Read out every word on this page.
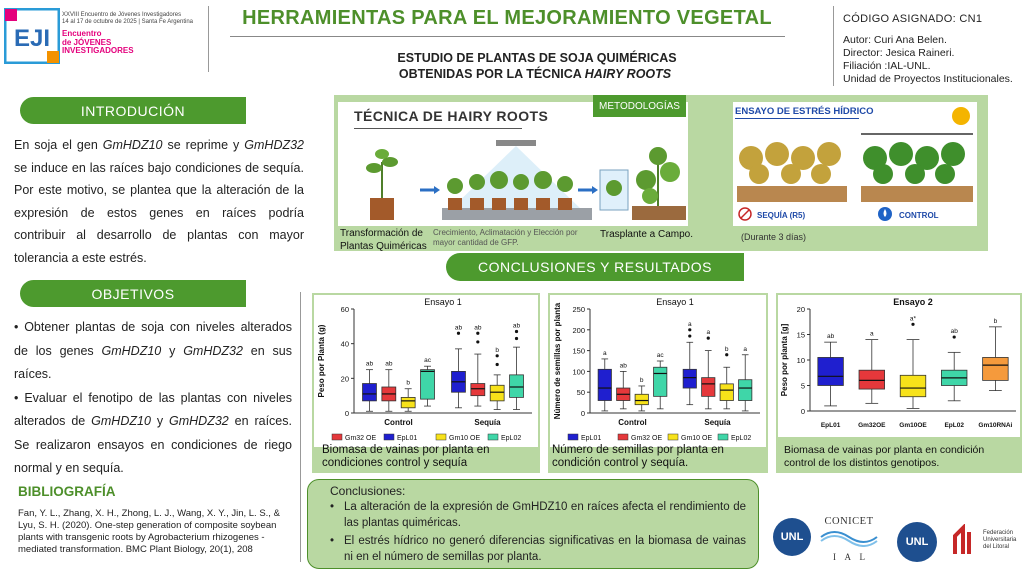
EJI
XXVIII Encuentro de Jóvenes Investigadores
14 al 17 de octubre de 2025 | Santa Fe Argentina
Encuentro
de JÓVENES
INVESTIGADORES
HERRAMIENTAS PARA EL MEJORAMIENTO VEGETAL
ESTUDIO DE PLANTAS DE SOJA QUIMÉRICAS
OBTENIDAS POR LA TÉCNICA HAIRY ROOTS
CÓDIGO ASIGNADO: CN1
Autor: Curi Ana Belen.
Director: Jesica Raineri.
Filiación :IAL-UNL.
Unidad de Proyectos Institucionales.
INTRODUCIÓN
En soja el gen GmHDZ10 se reprime y GmHDZ32 se induce en las raíces bajo condiciones de sequía. Por este motivo, se plantea que la alteración de la expresión de estos genes en raíces podría contribuir al desarrollo de plantas con mayor tolerancia a este estrés.
OBJETIVOS
• Obtener plantas de soja con niveles alterados de los genes GmHDZ10 y GmHDZ32 en sus raíces.
• Evaluar el fenotipo de las plantas con niveles alterados de GmHDZ10 y GmHDZ32 en raíces. Se realizaron ensayos en condiciones de riego normal y en sequía.
BIBLIOGRAFÍA
Fan, Y. L., Zhang, X. H., Zhong, L. J., Wang, X. Y., Jin, L. S., & Lyu, S. H. (2020). One-step generation of composite soybean plants with transgenic roots by Agrobacterium rhizogenes -mediated transformation. BMC Plant Biology, 20(1), 208
TÉCNICA DE HAIRY ROOTS
METODOLOGÍAS
Transformación de Plantas Quiméricas
Crecimiento, Aclimatación y Elección por mayor cantidad de GFP.
Trasplante a Campo.
ENSAYO DE ESTRÉS HÍDRICO
SEQUÍA (R5)	CONTROL
(Durante 3 días)
CONCLUSIONES Y RESULTADOS
Ensayo 1
Peso por Planta (g)
0
20
40
60
Control	Sequía
ab ab
b
ac
ab ab
b
ab
Gm32 OE	EpL01	Gm10 OE	EpL02
Ensayo 1
Número de semillas por planta	0
50
100
150
200
250
Control	Sequía
a
ab
b
ac
a
a
b a
EpL01	Gm32 OE	Gm10 OE	EpL02
Ensayo 2
Peso por planta [g]
0
5
10
15
20
EpL01	Gm32OE Gm10OE	EpL02 Gm10RNAi
ab	a
a*
ab
b
Biomasa de vainas por planta en condiciones control y sequía
Número de semillas por planta en condición control y sequía.
Biomasa de vainas por planta en condición control de los distintos genotipos.
Conclusiones:
• La alteración de la expresión de GmHDZ10 en raíces afecta el rendimiento de las plantas quiméricas.
• El estrés hídrico no generó diferencias significativas en la biomasa de vainas ni en el número de semillas por planta.
UNL
CONICET
I    A    L
UNL
Federación
Universitaria
del Litoral
